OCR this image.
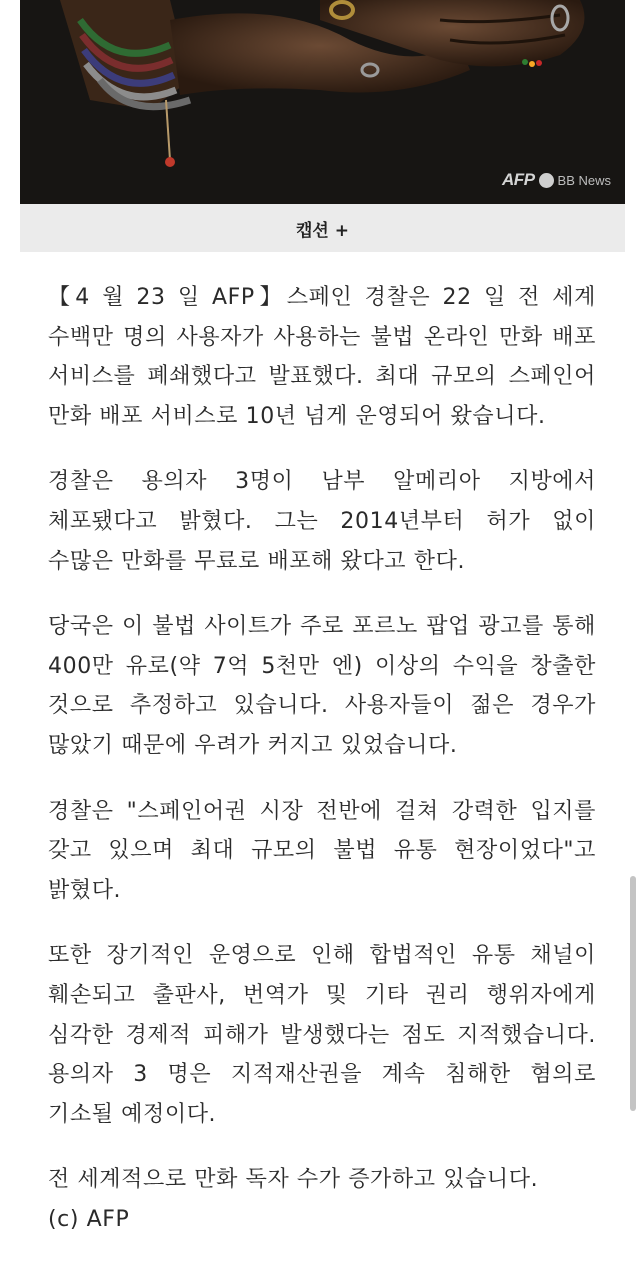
AFP BB News
캡션 +

【4 월 23 일 AFP】스페인 경찰은 22 일 전 세계 수백만 명의 사용자가 사용하는 불법 온라인 만화 배포 서비스를 폐쇄했다고 발표했다. 최대 규모의 스페인어 만화 배포 서비스로 10년 넘게 운영되어 왔습니다.

경찰은 용의자 3명이 남부 알메리아 지방에서 체포됐다고 밝혔다. 그는 2014년부터 허가 없이 수많은 만화를 무료로 배포해 왔다고 한다.

당국은 이 불법 사이트가 주로 포르노 팝업 광고를 통해 400만 유로(약 7억 5천만 엔) 이상의 수익을 창출한 것으로 추정하고 있습니다. 사용자들이 젊은 경우가 많았기 때문에 우려가 커지고 있었습니다.

경찰은 "스페인어권 시장 전반에 걸쳐 강력한 입지를 갖고 있으며 최대 규모의 불법 유통 현장이었다"고 밝혔다.

또한 장기적인 운영으로 인해 합법적인 유통 채널이 훼손되고 출판사, 번역가 및 기타 권리 행위자에게 심각한 경제적 피해가 발생했다는 점도 지적했습니다. 용의자 3 명은 지적재산권을 계속 침해한 혐의로 기소될 예정이다.

전 세계적으로 만화 독자 수가 증가하고 있습니다.

(c) AFP
